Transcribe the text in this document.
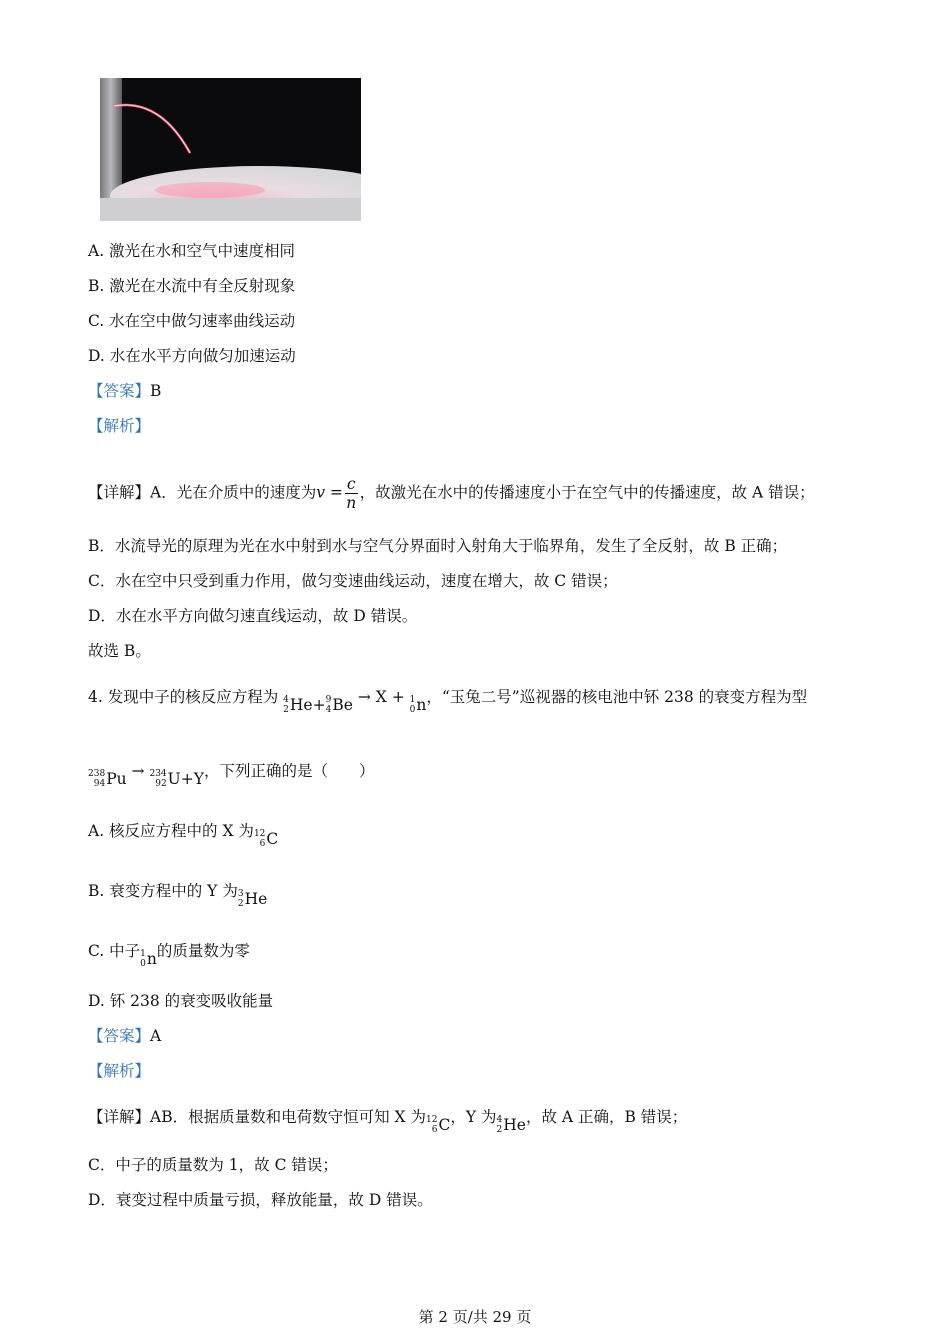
A. 激光在水和空气中速度相同
B. 激光在水流中有全反射现象
C. 水在空中做匀速率曲线运动
D. 水在水平方向做匀加速运动
【答案】B
【解析】
【详解】A．光在介质中的速度为$v = \frac{c}{n}$ ，故激光在水中的传播速度小于在空气中的传播速度，故 A 错误；
B．水流导光的原理为光在水中射到水与空气分界面时入射角大于临界角，发生了全反射，故 B 正确；
C．水在空中只受到重力作用，做匀变速曲线运动，速度在增大，故 C 错误；
D．水在水平方向做匀速直线运动，故 D 错误。
故选 B。
4. 发现中子的核反应方程为 4
2 He+ 9
4 Be → X + 1
0 n ，“玉兔二号”巡视器的核电池中钚 238 的衰变方程为型
238
94 Pu → 234
92 U+Y ，下列正确的是（　　）
A. 核反应方程中的 X 为 12
6 C
B. 衰变方程中的 Y 为 3
2 He
C. 中子 1
0 n 的质量数为零
D. 钚 238 的衰变吸收能量
【答案】A
【解析】
【详解】AB．根据质量数和电荷数守恒可知 X 为 12
6 C ，Y 为 4
2 He ，故 A 正确，B 错误；
C．中子的质量数为 1，故 C 错误；
D．衰变过程中质量亏损，释放能量，故 D 错误。
第 2 页/共 29 页
